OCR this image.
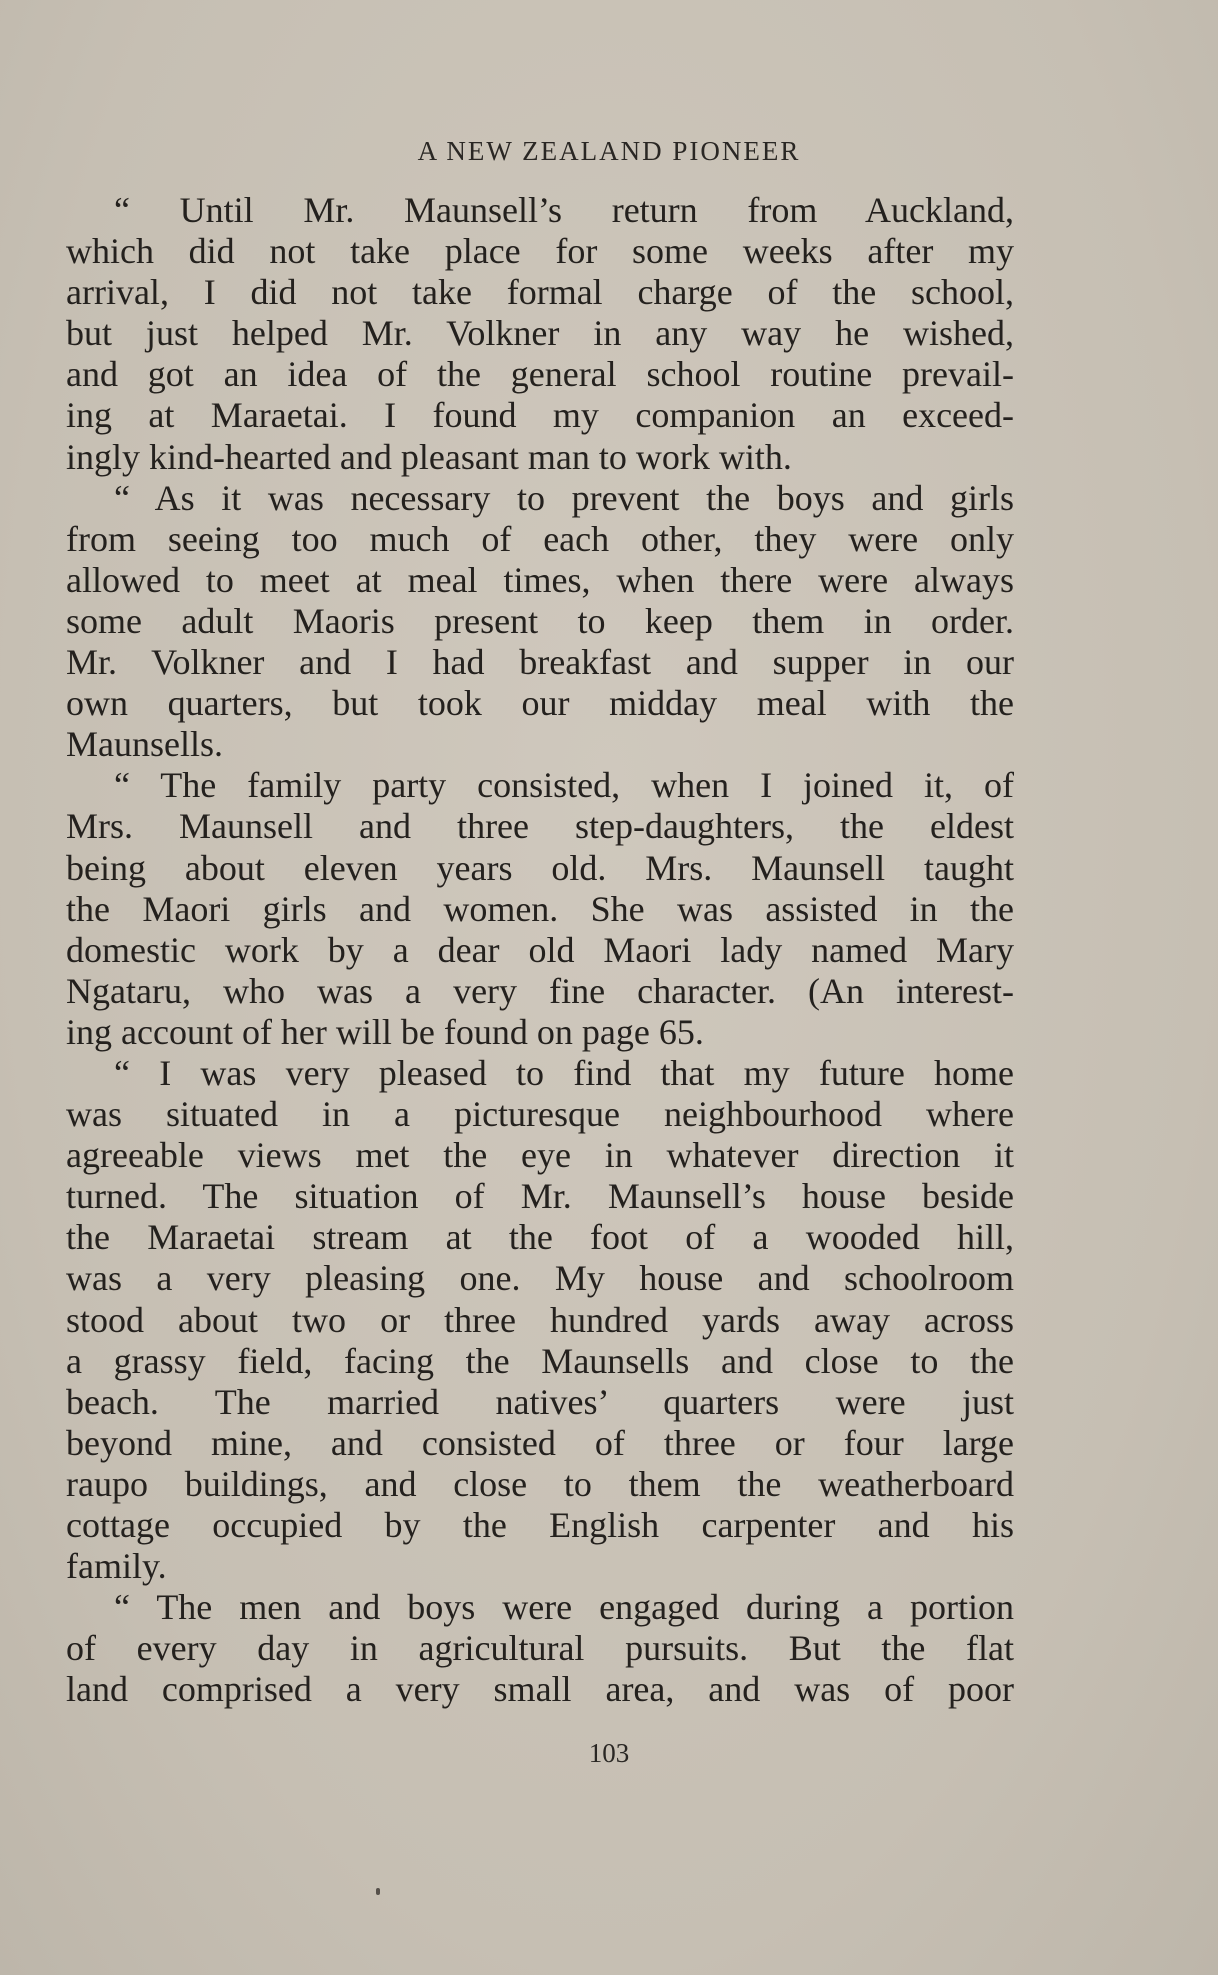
A NEW ZEALAND PIONEER
“ Until Mr. Maunsell’s return from Auckland,
which did not take place for some weeks after my
arrival, I did not take formal charge of the school,
but just helped Mr. Volkner in any way he wished,
and got an idea of the general school routine prevail-
ing at Maraetai. I found my companion an exceed-
ingly kind-hearted and pleasant man to work with.
“ As it was necessary to prevent the boys and girls
from seeing too much of each other, they were only
allowed to meet at meal times, when there were always
some adult Maoris present to keep them in order.
Mr. Volkner and I had breakfast and supper in our
own quarters, but took our midday meal with the
Maunsells.
“ The family party consisted, when I joined it, of
Mrs. Maunsell and three step-daughters, the eldest
being about eleven years old. Mrs. Maunsell taught
the Maori girls and women. She was assisted in the
domestic work by a dear old Maori lady named Mary
Ngataru, who was a very fine character. (An interest-
ing account of her will be found on page 65.
“ I was very pleased to find that my future home
was situated in a picturesque neighbourhood where
agreeable views met the eye in whatever direction it
turned. The situation of Mr. Maunsell’s house beside
the Maraetai stream at the foot of a wooded hill,
was a very pleasing one. My house and schoolroom
stood about two or three hundred yards away across
a grassy field, facing the Maunsells and close to the
beach. The married natives’ quarters were just
beyond mine, and consisted of three or four large
raupo buildings, and close to them the weatherboard
cottage occupied by the English carpenter and his
family.
“ The men and boys were engaged during a portion
of every day in agricultural pursuits. But the flat
land comprised a very small area, and was of poor
103
